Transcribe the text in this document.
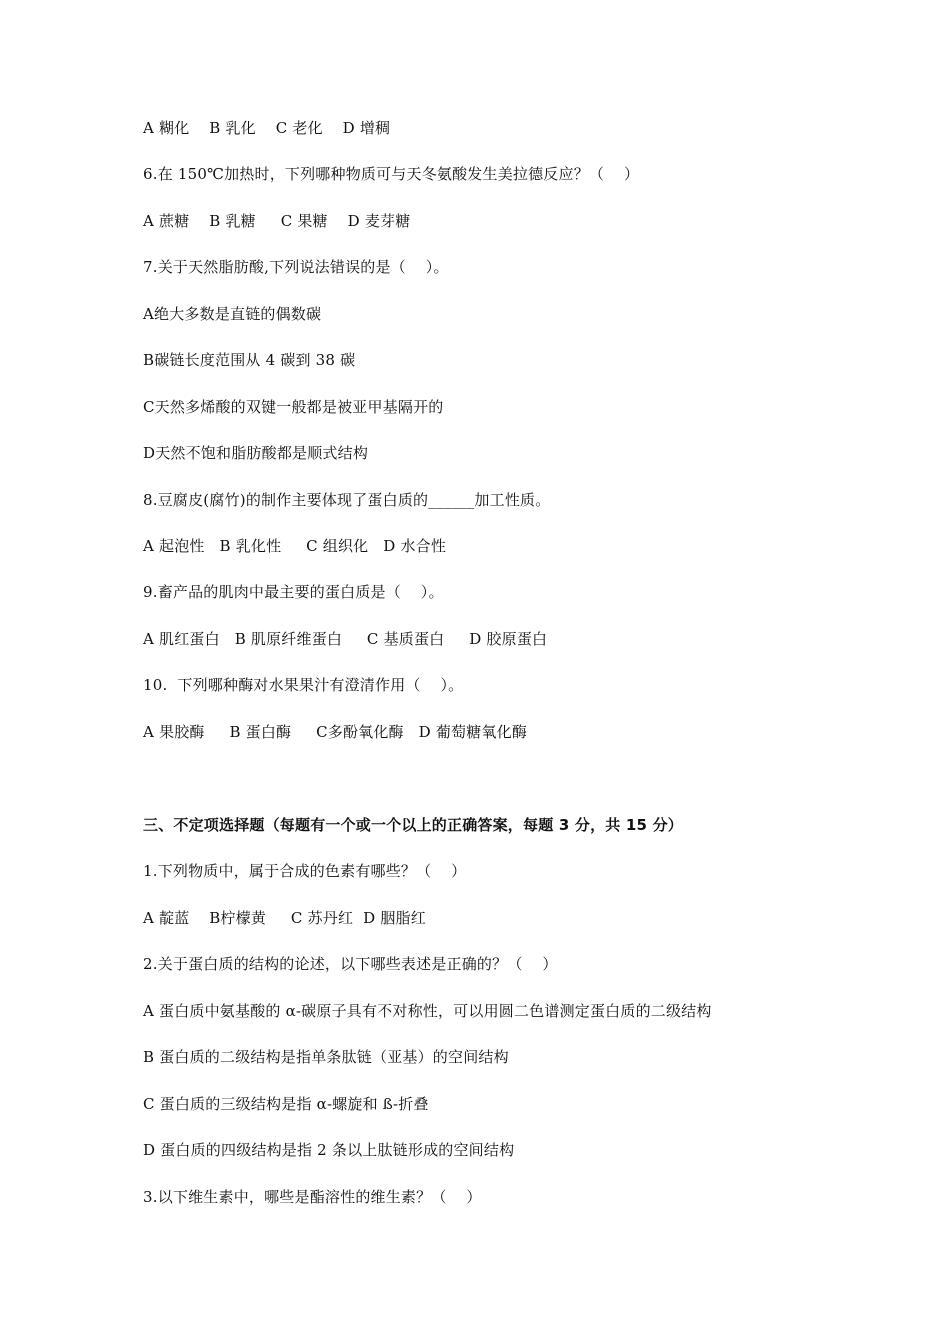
A 糊化    B 乳化    C 老化    D 增稠
6.在 150℃加热时，下列哪种物质可与天冬氨酸发生美拉德反应？（    ）
A 蔗糖    B 乳糖     C 果糖    D 麦芽糖
7.关于天然脂肪酸,下列说法错误的是（    ）。
A绝大多数是直链的偶数碳
B碳链长度范围从 4 碳到 38 碳
C天然多烯酸的双键一般都是被亚甲基隔开的
D天然不饱和脂肪酸都是顺式结构
8.豆腐皮(腐竹)的制作主要体现了蛋白质的______加工性质。
A 起泡性   B 乳化性     C 组织化   D 水合性
9.畜产品的肌肉中最主要的蛋白质是（    ）。
A 肌红蛋白   B 肌原纤维蛋白     C 基质蛋白     D 胶原蛋白
10.  下列哪种酶对水果果汁有澄清作用（    ）。
A 果胶酶     B 蛋白酶     C多酚氧化酶   D 葡萄糖氧化酶
三、不定项选择题（每题有一个或一个以上的正确答案，每题 3 分，共 15 分）
1.下列物质中，属于合成的色素有哪些？（    ）
A 靛蓝    B柠檬黄     C 苏丹红  D 胭脂红
2.关于蛋白质的结构的论述，以下哪些表述是正确的？（    ）
A 蛋白质中氨基酸的 α-碳原子具有不对称性，可以用圆二色谱测定蛋白质的二级结构
B 蛋白质的二级结构是指单条肽链（亚基）的空间结构
C 蛋白质的三级结构是指 α-螺旋和 ß-折叠
D 蛋白质的四级结构是指 2 条以上肽链形成的空间结构
3.以下维生素中，哪些是酯溶性的维生素？（    ）
